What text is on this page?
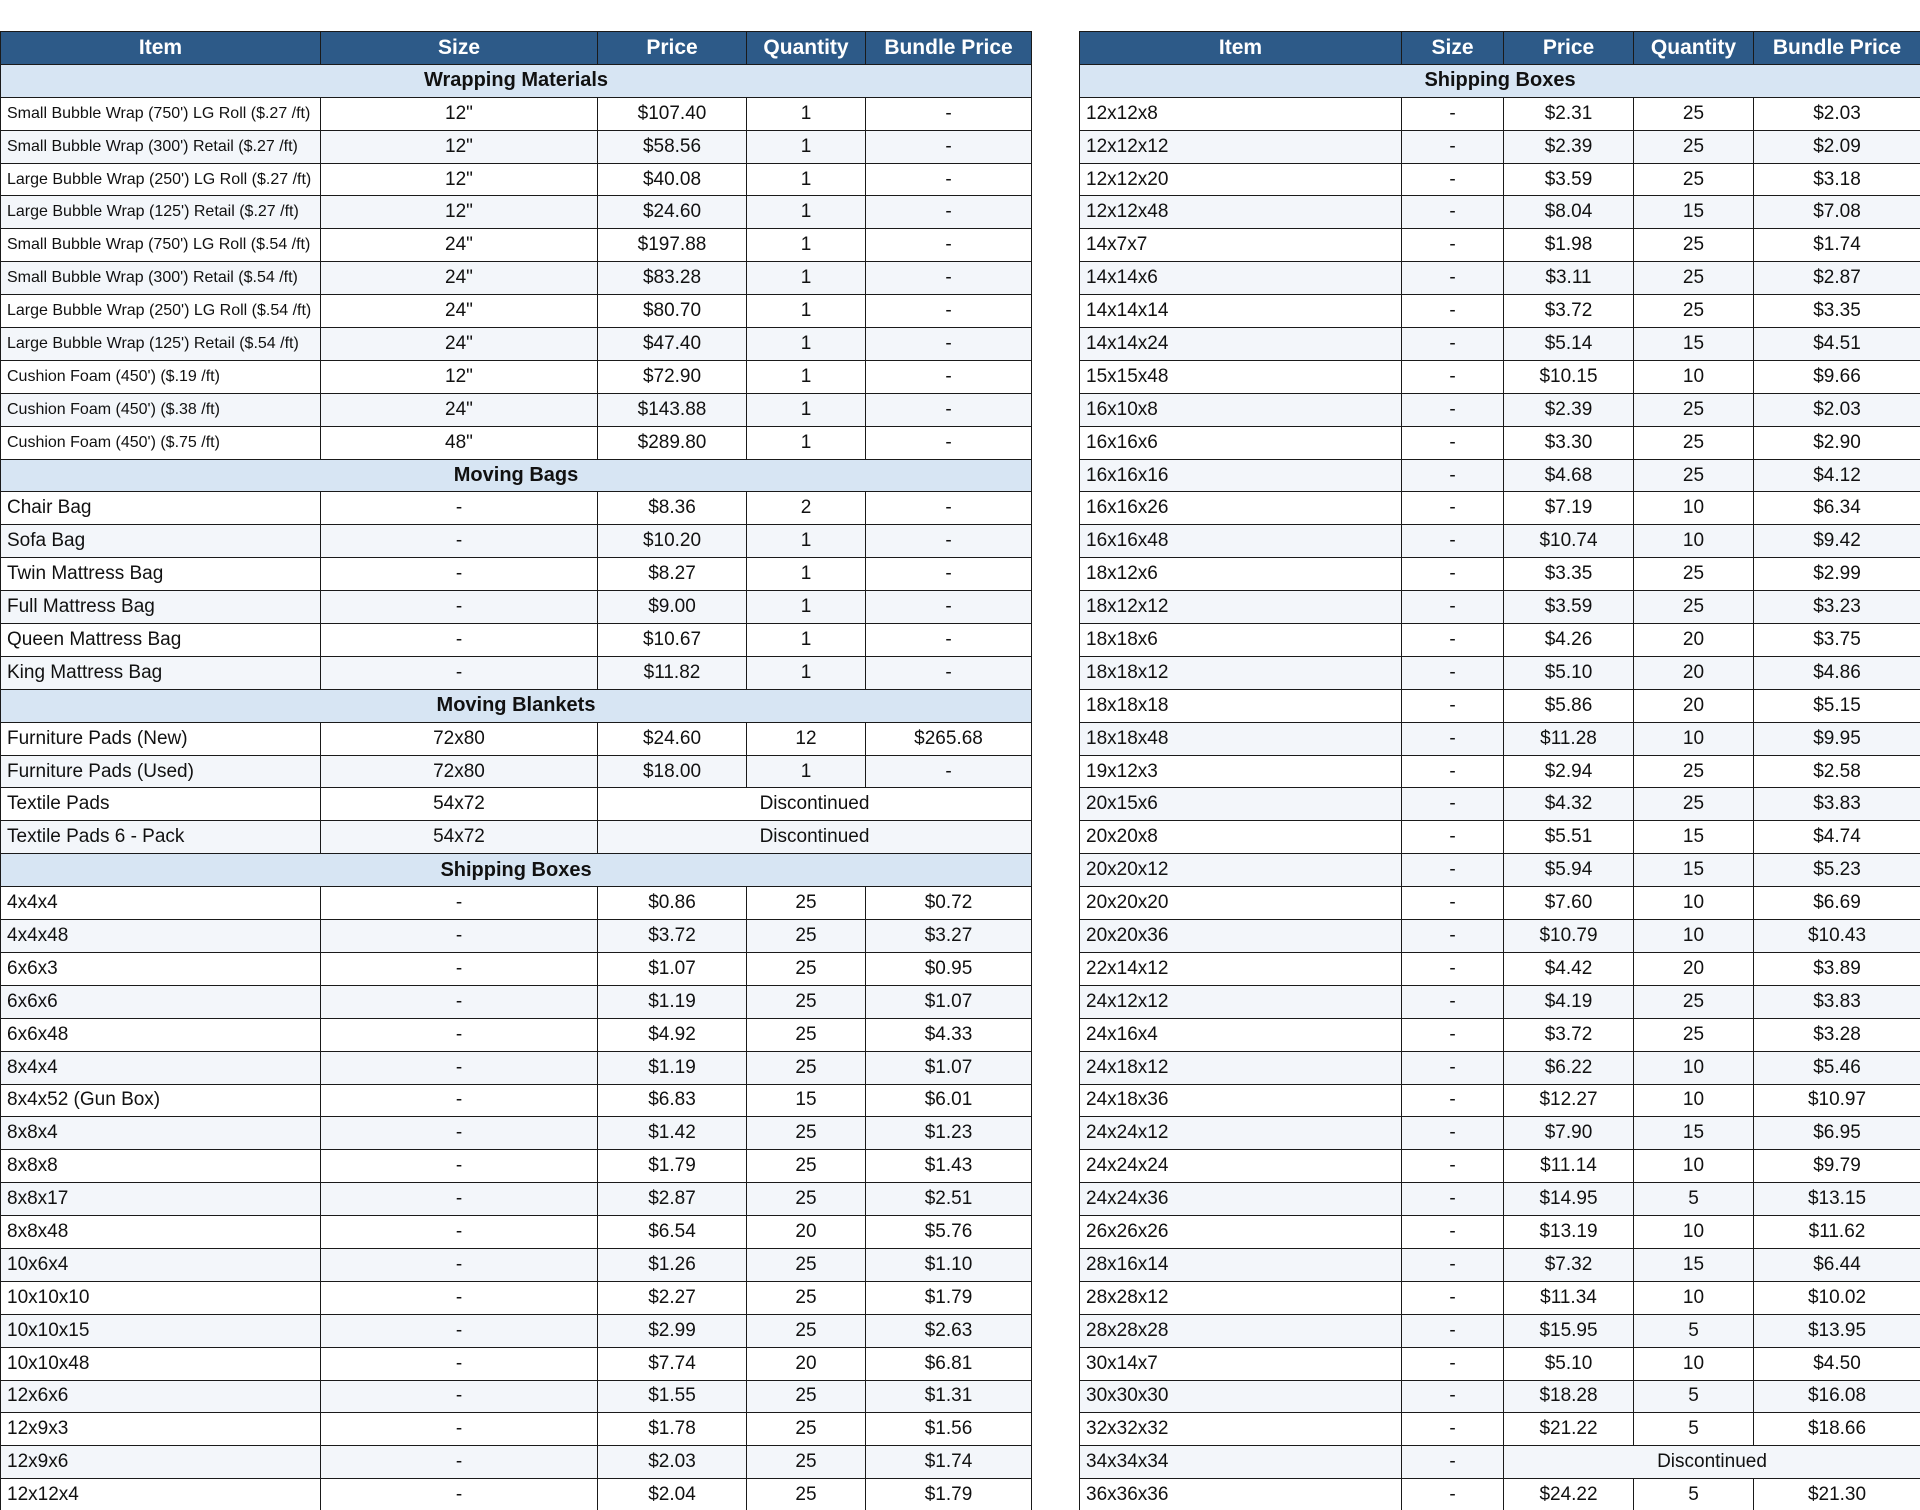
Item	Size	Price	Quantity	Bundle Price
Wrapping Materials				
Small Bubble Wrap (750') LG Roll ($.27 /ft)	12"	$107.40	1	-
Small Bubble Wrap (300') Retail ($.27 /ft)	12"	$58.56	1	-
Large Bubble Wrap (250') LG Roll ($.27 /ft)	12"	$40.08	1	-
Large Bubble Wrap (125') Retail ($.27 /ft)	12"	$24.60	1	-
Small Bubble Wrap (750') LG Roll ($.54 /ft)	24"	$197.88	1	-
Small Bubble Wrap (300') Retail ($.54 /ft)	24"	$83.28	1	-
Large Bubble Wrap (250') LG Roll ($.54 /ft)	24"	$80.70	1	-
Large Bubble Wrap (125') Retail ($.54 /ft)	24"	$47.40	1	-
Cushion Foam (450') ($.19 /ft)	12"	$72.90	1	-
Cushion Foam (450') ($.38 /ft)	24"	$143.88	1	-
Cushion Foam (450') ($.75 /ft)	48"	$289.80	1	-
Moving Bags				
Chair Bag	-	$8.36	2	-
Sofa Bag	-	$10.20	1	-
Twin Mattress Bag	-	$8.27	1	-
Full Mattress Bag	-	$9.00	1	-
Queen Mattress Bag	-	$10.67	1	-
King Mattress Bag	-	$11.82	1	-
Moving Blankets				
Furniture Pads (New)	72x80	$24.60	12	$265.68
Furniture Pads (Used)	72x80	$18.00	1	-
Textile Pads	54x72	Discontinued		
Textile Pads 6 - Pack	54x72	Discontinued		
Shipping Boxes				
4x4x4	-	$0.86	25	$0.72
4x4x48	-	$3.72	25	$3.27
6x6x3	-	$1.07	25	$0.95
6x6x6	-	$1.19	25	$1.07
6x6x48	-	$4.92	25	$4.33
8x4x4	-	$1.19	25	$1.07
8x4x52 (Gun Box)	-	$6.83	15	$6.01
8x8x4	-	$1.42	25	$1.23
8x8x8	-	$1.79	25	$1.43
8x8x17	-	$2.87	25	$2.51
8x8x48	-	$6.54	20	$5.76
10x6x4	-	$1.26	25	$1.10
10x10x10	-	$2.27	25	$1.79
10x10x15	-	$2.99	25	$2.63
10x10x48	-	$7.74	20	$6.81
12x6x6	-	$1.55	25	$1.31
12x9x3	-	$1.78	25	$1.56
12x9x6	-	$2.03	25	$1.74
12x12x4	-	$2.04	25	$1.79
Item	Size	Price	Quantity	Bundle Price
Shipping Boxes				
12x12x8	-	$2.31	25	$2.03
12x12x12	-	$2.39	25	$2.09
12x12x20	-	$3.59	25	$3.18
12x12x48	-	$8.04	15	$7.08
14x7x7	-	$1.98	25	$1.74
14x14x6	-	$3.11	25	$2.87
14x14x14	-	$3.72	25	$3.35
14x14x24	-	$5.14	15	$4.51
15x15x48	-	$10.15	10	$9.66
16x10x8	-	$2.39	25	$2.03
16x16x6	-	$3.30	25	$2.90
16x16x16	-	$4.68	25	$4.12
16x16x26	-	$7.19	10	$6.34
16x16x48	-	$10.74	10	$9.42
18x12x6	-	$3.35	25	$2.99
18x12x12	-	$3.59	25	$3.23
18x18x6	-	$4.26	20	$3.75
18x18x12	-	$5.10	20	$4.86
18x18x18	-	$5.86	20	$5.15
18x18x48	-	$11.28	10	$9.95
19x12x3	-	$2.94	25	$2.58
20x15x6	-	$4.32	25	$3.83
20x20x8	-	$5.51	15	$4.74
20x20x12	-	$5.94	15	$5.23
20x20x20	-	$7.60	10	$6.69
20x20x36	-	$10.79	10	$10.43
22x14x12	-	$4.42	20	$3.89
24x12x12	-	$4.19	25	$3.83
24x16x4	-	$3.72	25	$3.28
24x18x12	-	$6.22	10	$5.46
24x18x36	-	$12.27	10	$10.97
24x24x12	-	$7.90	15	$6.95
24x24x24	-	$11.14	10	$9.79
24x24x36	-	$14.95	5	$13.15
26x26x26	-	$13.19	10	$11.62
28x16x14	-	$7.32	15	$6.44
28x28x12	-	$11.34	10	$10.02
28x28x28	-	$15.95	5	$13.95
30x14x7	-	$5.10	10	$4.50
30x30x30	-	$18.28	5	$16.08
32x32x32	-	$21.22	5	$18.66
34x34x34	-	Discontinued		
36x36x36	-	$24.22	5	$21.30
